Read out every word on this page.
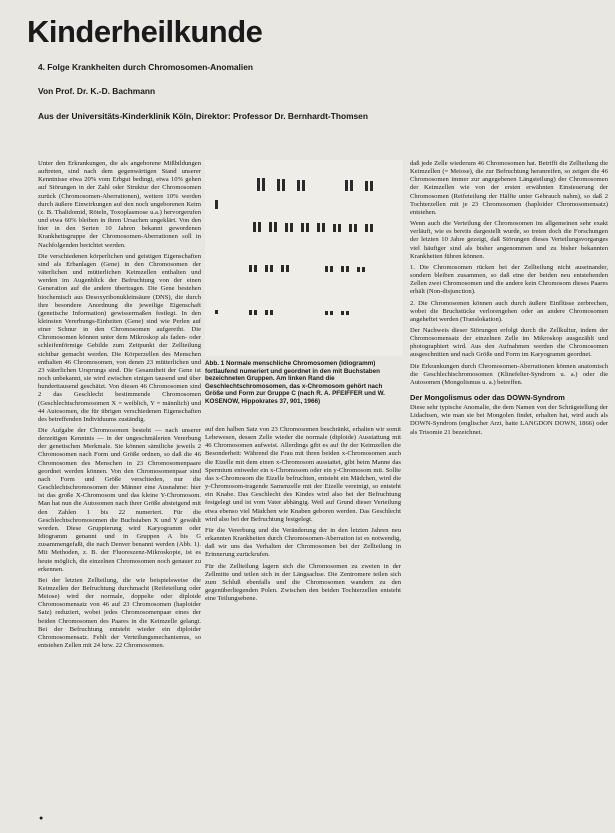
Kinderheilkunde
4. Folge Krankheiten durch Chromosomen-Anomalien
Von Prof. Dr. K.-D. Bachmann
Aus der Universitäts-Kinderklinik Köln, Direktor: Professor Dr. Bernhardt-Thomsen

Unter den Erkrankungen, die als angeborene Mißbildungen auftreten, sind nach dem gegenwärtigen Stand unserer Kenntnisse etwa 20% vom Erbgut bedingt, etwa 10% gehen auf Störungen in der Zahl oder Struktur der Chromosomen zurück (Chromosomen-Aberrationen), weitere 10% werden durch äußere Einwirkungen auf den noch ungeborenen Keim (z. B. Thalidomid, Röteln, Toxoplasmose u.a.) hervorgerufen und etwa 60% bleiben in ihren Ursachen ungeklärt. Von den hier in den Serien 10 Jahren bekannt gewordenen Krankheitsgruppe der Chromosomen-Aberrationen soll in Nachfolgenden berichtet werden.

Die verschiedenen körperlichen und geistigen Eigenschaften sind als Erbanlagen (Gene) in den Chromosomen der väterlichen und mütterlichen Keimzellen enthalten und werden im Augenblick der Befruchtung von der einen Generation auf die andere übertragen. Die Gene bestehen biochemisch aus Desoxyribonukleinsäure (DNS), die durch ihre besondere Anordnung die jeweilige Eigenschaft (genetische Information) gewissermaßen festlegt. In den kleinsten Vererbungs-Einheiten (Gene) sind wie Perlen auf einer Schnur in den Chromosomen aufgereiht. Die Chromosomen können unter dem Mikroskop als faden- oder schleifenförmige Gebilde zum Zeitpunkt der Zellteilung sichtbar gemacht werden. Die Körperzellen des Menschen enthalten 46 Chromosomen, von denen 23 mütterlichen und 23 väterlichen Ursprungs sind. Die Gesamtheit der Gene ist noch unbekannt, sie wird zwischen einigen tausend und über hunderttausend geschätzt. Von diesen 46 Chromosomen sind 2 das Geschlecht bestimmende Chromosomen (Geschlechtschromosomen X = weiblich, Y = männlich) und 44 Autosomen, die für übrigen verschiedenen Eigenschaften des betreffenden Individuums zuständig.

Die Aufgabe der Chromosomen besteht — nach unserer derzeitigen Kenntnis — in der ungeschmälerten Vererbung der genetischen Merkmale. Sie können sämtliche jeweils 2 Chromosomen nach Form und Größe ordnen, so daß die 46 Chromosomen des Menschen in 23 Chromosomenpaare geordnet werden können. Von den Chromosomenpaar sind nach Form und Größe verschieden, nur die Geschlechtschromosomen der Männer eine Ausnahme: hier ist das große X-Chromosom und das kleine Y-Chromosom. Man hat nun die Autosomen nach ihrer Größe absteigend mit den Zahlen 1 bis 22 numeriert. Für die Geschlechtschromosomen die Buchstaben X und Y gewählt worden. Diese Gruppierung wird Karyogramm oder Idiogramm genannt und in Gruppen A bis G zusammengefaßt, die nach Denver benannt werden (Abb. 1). Mit Methoden, z. B. der Fluoreszenz-Mikroskopie, ist es heute möglich, die einzelnen Chromosomen noch genauer zu erkennen.

Bei der letzten Zellteilung, die wie beispielsweise die Keimzellen der Befruchtung durchmacht (Reifeteilung oder Meiose) wird der normale, doppelte oder diploide Chromosomensatz von 46 auf 23 Chromosomen (haploider Satz) reduziert, wobei jedes Chromosomenpaar eines der beiden Chromosomen des Paares in die Keimzelle gelangt. Bei der Befruchtung entsteht wieder ein diploider Chromosomensatz. Fehlt der Verteilungsmechanismus, so entstehen Zellen mit 24 bzw. 22 Chromosomen.

Abb. 1 Normale menschliche Chromosomen (Idiogramm) fortlaufend numeriert und geordnet in den mit Buchstaben bezeichneten Gruppen. Am linken Rand die Geschlechtschromosomen, das x-Chromosom gehört nach Größe und Form zur Gruppe C (nach R. A. PFEIFFER und W. KOSENOW, Hippokrates 37, 901, 1966)

auf den halben Satz von 23 Chromosomen beschränkt, erhalten wir somit Lebewesen, dessen Zelle wieder die normale (diploide) Ausstattung mit 46 Chromosomen aufweist. Allerdings gibt es auf ihr der Keimzellen die Besonderheit: Während die Frau mit ihren beiden x-Chromosomen auch die Eizelle mit dem einen x-Chromosom ausstattet, gibt beim Manne das Spermium entweder ein x-Chromosom oder ein y-Chromosom mit. Sollte das x-Chromosom die Eizelle befruchten, entsteht ein Mädchen, wird die y-Chromosom-tragende Samenzelle mit der Eizelle vereinigt, so entsteht ein Knabe. Das Geschlecht des Kindes wird also bei der Befruchtung festgelegt und ist vom Vater abhängig. Weil auf Grund dieser Verteilung etwa ebenso viel Mädchen wie Knaben geboren werden. Das Geschlecht wird also bei der Befruchtung festgelegt.

Für die Vererbung und die Veränderung der in den letzten Jahren neu erkannten Krankheiten durch Chromosomen-Aberration ist es notwendig, daß wir uns das Verhalten der Chromosomen bei der Zellteilung in Erinnerung zurückrufen.

Für die Zellteilung lagern sich die Chromosomen zu zweien in der Zellmitte und teilen sich in der Längsachse. Die Zentromere teilen sich zum Schluß ebenfalls und die Chromosomen wandern zu den gegenüberliegenden Polen. Zwischen den beiden Tochterzellen entsteht eine Teilungsebene.

daß jede Zelle wiederum 46 Chromosomen hat. Betrifft die Zellteilung die Keimzellen (= Meiose), die zur Befruchtung heranreifen, so zeigen die 46 Chromosomen immer zur angegebenen Längsteilung) der Chromosomen der Keimzellen wie von der ersten erwähnten Einsteuerung der Chromosomen (Reifeteilung der Hälfte unter Gebrauch nahm), so daß 2 Tochterzellen mit je 23 Chromosomen (haploider Chromosomensatz) entstehen.

Wenn auch die Verteilung der Chromosomen im allgemeinen sehr exakt verläuft, wie es bereits dargestellt wurde, so treten doch die Forschungen der letzten 10 Jahre gezeigt, daß Störungen dieses Verteilungsvorganges viel häufiger sind als bisher angenommen und zu bisher bekannten Krankheiten führen können.

1. Die Chromosomen rücken bei der Zellteilung nicht auseinander, sondern bleiben zusammen, so daß eine der beiden neu entstehenden Zellen zwei Chromosomen und die andere kein Chromosom dieses Paares erhält (Non-disjunction).

2. Die Chromosomen können auch durch äußere Einflüsse zerbrechen, wobei die Bruchstücke verlorengehen oder an andere Chromosomen angeheftet werden (Translokation).

Der Nachweis dieser Störungen erfolgt durch die Zellkultur, indem der Chromosomensatz der einzelnen Zelle im Mikroskop ausgezählt und photographiert wird. Aus den Aufnahmen werden die Chromosomen ausgeschnitten und nach Größe und Form im Karyogramm geordnet.

Die Erkrankungen durch Chromosomen-Aberrationen können anatomisch die Geschlechtschromosomen (Klinefelter-Syndrom u. a.) oder die Autosomen (Mongolismus u. a.) betreffen.

Der Mongolismus oder das DOWN-Syndrom

Diese sehr typische Anomalie, die dem Namen von der Schrägstellung der Lidachsen, wie man sie bei Mongolen findet, erhalten hat, wird auch als DOWN-Syndrom (englischer Arzt, hatte LANGDON DOWN, 1866) oder als Trisomie 21 bezeichnet.

●
